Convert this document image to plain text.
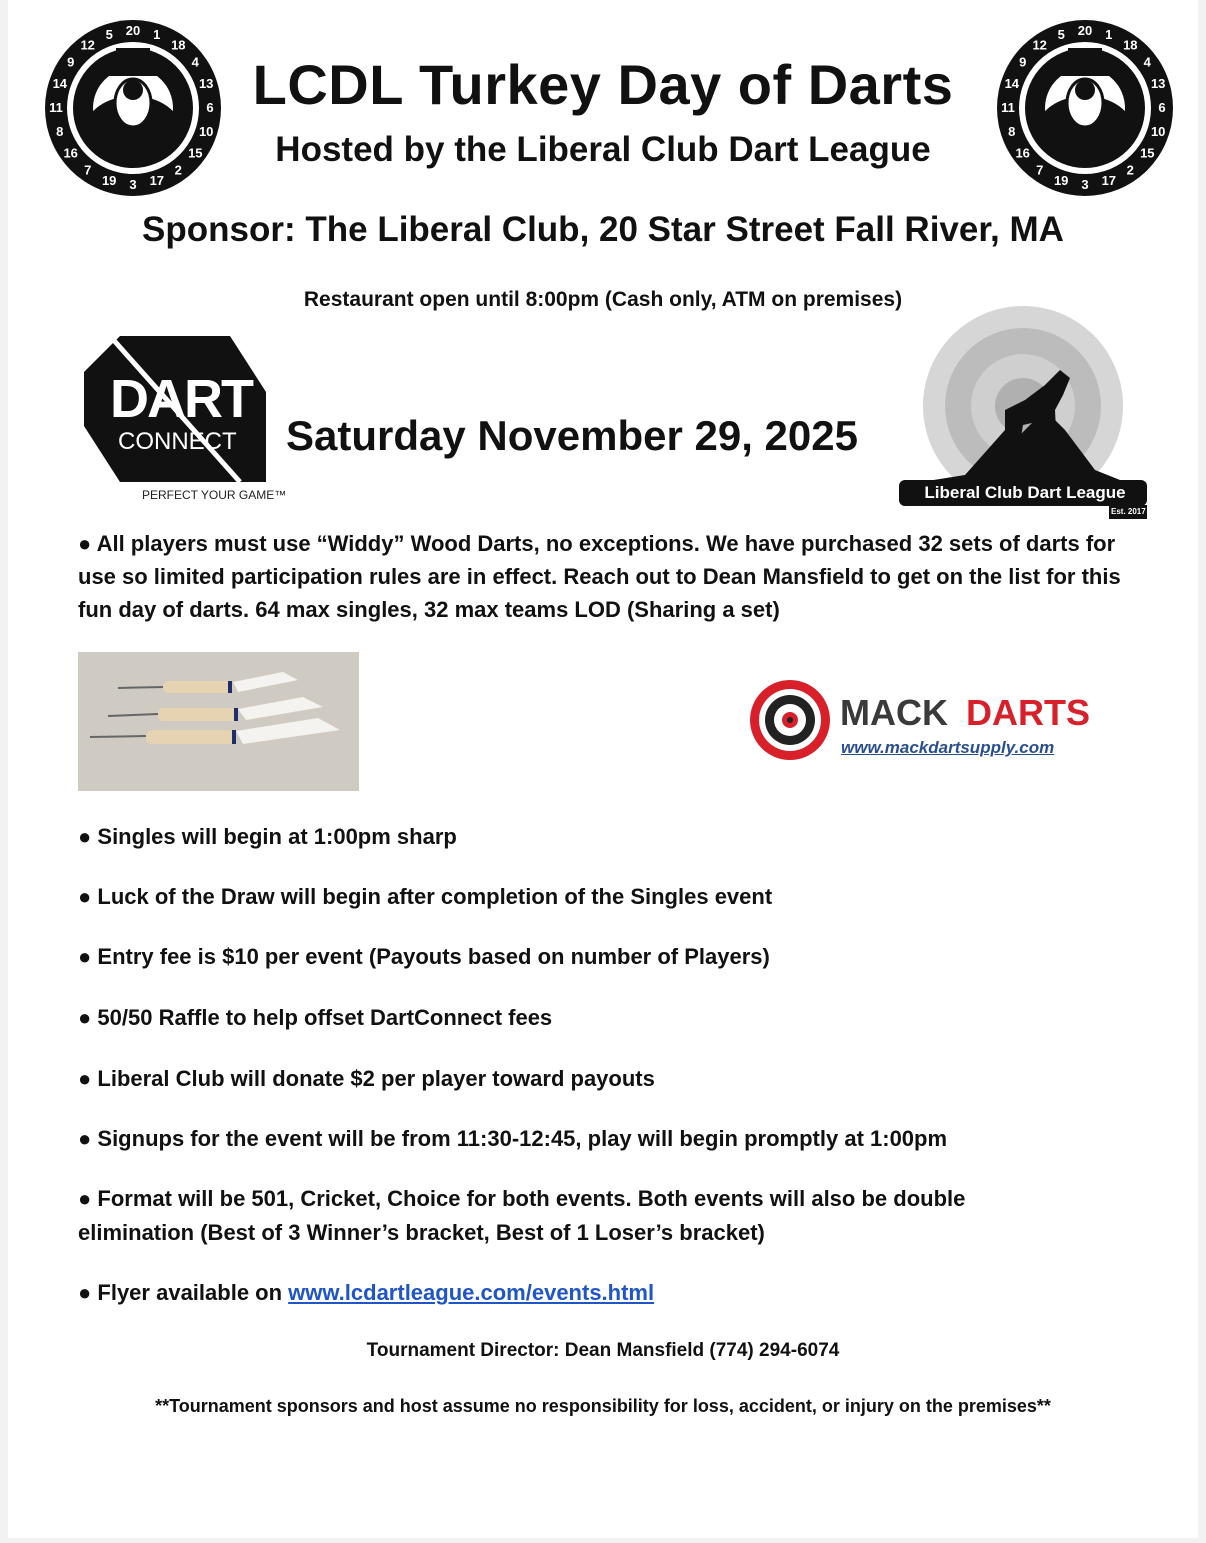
20 1
18
4
13
6
10
15
2
17
3
19
7
16
8
11
14
9
12
5	20 1
18
4
13
6
10
15
2
17
3
19
7
16
8
11
14
9
12
5
LCDL Turkey Day of Darts
Hosted by the Liberal Club Dart League
Sponsor: The Liberal Club, 20 Star Street Fall River, MA
Restaurant open until 8:00pm (Cash only, ATM on premises)
DART
CONNECT
PERFECT YOUR GAME™
Saturday November 29, 2025
Liberal Club Dart League
Est. 2017
● All players must use “Widdy” Wood Darts, no exceptions. We have purchased 32 sets of darts for use so limited participation rules are in effect. Reach out to Dean Mansfield to get on the list for this fun day of darts. 64 max singles, 32 max teams LOD (Sharing a set)
MACK DARTS
www.mackdartsupply.com
● Singles will begin at 1:00pm sharp
● Luck of the Draw will begin after completion of the Singles event
● Entry fee is $10 per event (Payouts based on number of Players)
● 50/50 Raffle to help offset DartConnect fees
● Liberal Club will donate $2 per player toward payouts
● Signups for the event will be from 11:30-12:45, play will begin promptly at 1:00pm
● Format will be 501, Cricket, Choice for both events. Both events will also be double
elimination (Best of 3 Winner’s bracket, Best of 1 Loser’s bracket)
● Flyer available on www.lcdartleague.com/events.html
Tournament Director: Dean Mansfield (774) 294-6074
**Tournament sponsors and host assume no responsibility for loss, accident, or injury on the premises**
